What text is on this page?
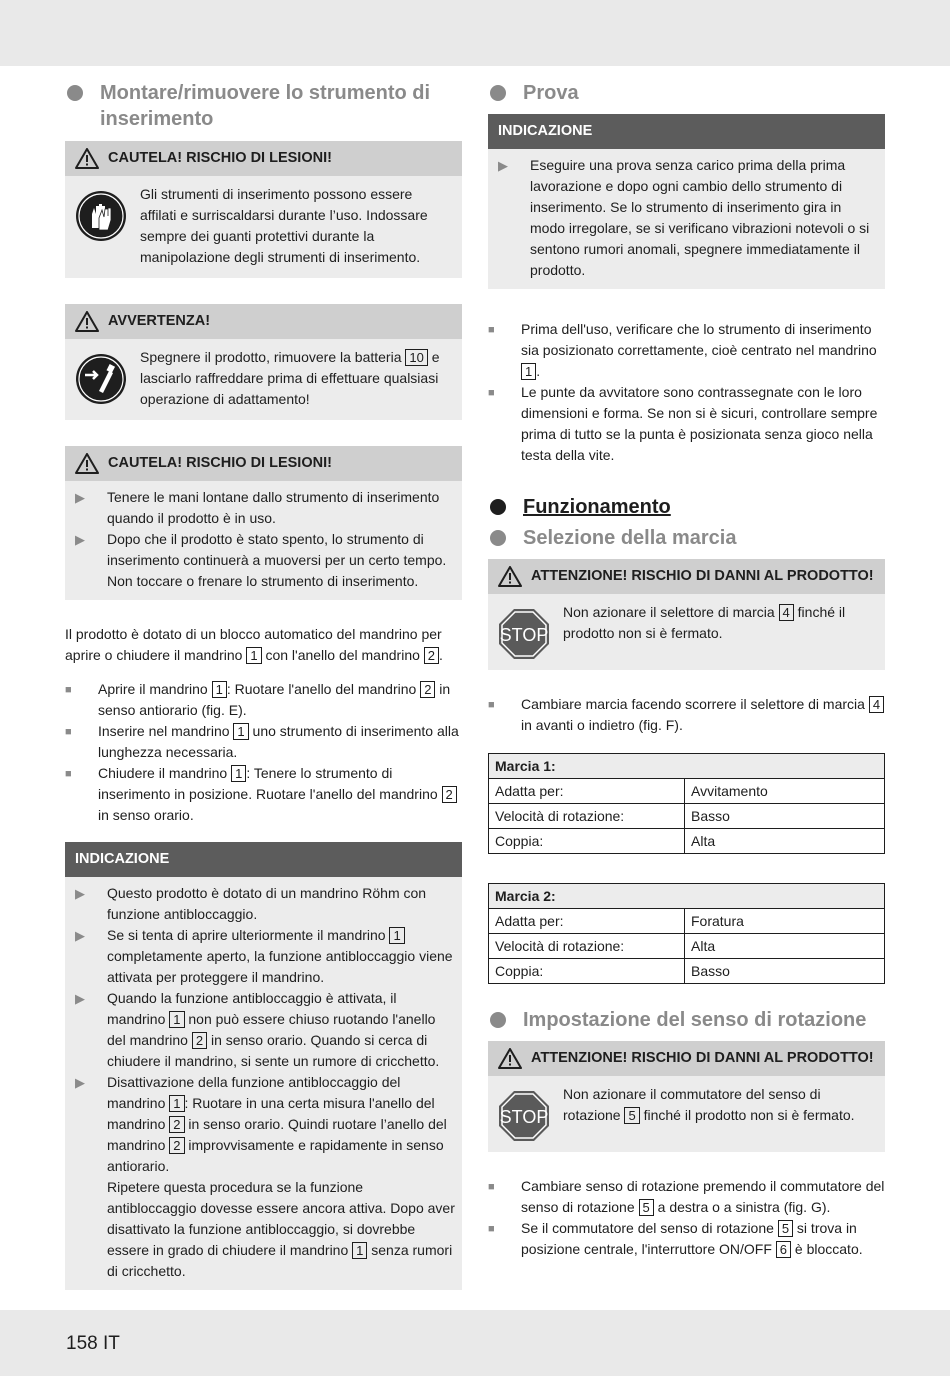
Montare/rimuovere lo strumento di inserimento
CAUTELA! RISCHIO DI LESIONI!
Gli strumenti di inserimento possono essere affilati e surriscaldarsi durante l’uso. Indossare sempre dei guanti protettivi durante la manipolazione degli strumenti di inserimento.
AVVERTENZA!
Spegnere il prodotto, rimuovere la batteria 10 e lasciarlo raffreddare prima di effettuare qualsiasi operazione di adattamento!
CAUTELA! RISCHIO DI LESIONI!
▶	Tenere le mani lontane dallo strumento di inserimento quando il prodotto è in uso.
▶	Dopo che il prodotto è stato spento, lo strumento di inserimento continuerà a muoversi per un certo tempo. Non toccare o frenare lo strumento di inserimento.

Il prodotto è dotato di un blocco automatico del mandrino per aprire o chiudere il mandrino 1 con l'anello del mandrino 2 .

■	Aprire il mandrino 1 : Ruotare l'anello del mandrino 2 in senso antiorario (fig. E).
■	Inserire nel mandrino 1 uno strumento di inserimento alla lunghezza necessaria.
■	Chiudere il mandrino 1 : Tenere lo strumento di inserimento in posizione. Ruotare l'anello del mandrino 2 in senso orario.
INDICAZIONE
▶	Questo prodotto è dotato di un mandrino Röhm con funzione antibloccaggio.
▶	Se si tenta di aprire ulteriormente il mandrino 1 completamente aperto, la funzione antibloccaggio viene attivata per proteggere il mandrino.
▶	Quando la funzione antibloccaggio è attivata, il mandrino 1 non può essere chiuso ruotando l'anello del mandrino 2 in senso orario. Quando si cerca di chiudere il mandrino, si sente un rumore di cricchetto.
▶	Disattivazione della funzione antibloccaggio del mandrino 1 : Ruotare in una certa misura l'anello del mandrino 2 in senso orario. Quindi ruotare l’anello del mandrino 2 improvvisamente e rapidamente in senso antiorario.
Ripetere questa procedura se la funzione antibloccaggio dovesse essere ancora attiva. Dopo aver disattivato la funzione antibloccaggio, si dovrebbe essere in grado di chiudere il mandrino 1 senza rumori di cricchetto.
Prova
INDICAZIONE
▶	Eseguire una prova senza carico prima della prima lavorazione e dopo ogni cambio dello strumento di inserimento. Se lo strumento di inserimento gira in modo irregolare, se si verificano vibrazioni notevoli o si sentono rumori anomali, spegnere immediatamente il prodotto.
■	Prima dell'uso, verificare che lo strumento di inserimento sia posizionato correttamente, cioè centrato nel mandrino 1 .
■	Le punte da avvitatore sono contrassegnate con le loro dimensioni e forma. Se non si è sicuri, controllare sempre prima di tutto se la punta è posizionata senza gioco nella testa della vite.
Funzionamento
Selezione della marcia
ATTENZIONE! RISCHIO DI DANNI AL PRODOTTO!
STOP
Non azionare il selettore di marcia 4 finché il prodotto non si è fermato.
■	Cambiare marcia facendo scorrere il selettore di marcia 4 in avanti o indietro (fig. F).
Marcia 1:	
Adatta per:	Avvitamento
Velocità di rotazione:	Basso
Coppia:	Alta
Marcia 2:	
Adatta per:	Foratura
Velocità di rotazione:	Alta
Coppia:	Basso
Impostazione del senso di rotazione
ATTENZIONE! RISCHIO DI DANNI AL PRODOTTO!
STOP
Non azionare il commutatore del senso di rotazione 5 finché il prodotto non si è fermato.
■	Cambiare senso di rotazione premendo il commutatore del senso di rotazione 5 a destra o a sinistra (fig. G).
■	Se il commutatore del senso di rotazione 5 si trova in posizione centrale, l'interruttore ON/OFF 6 è bloccato.
158 IT
